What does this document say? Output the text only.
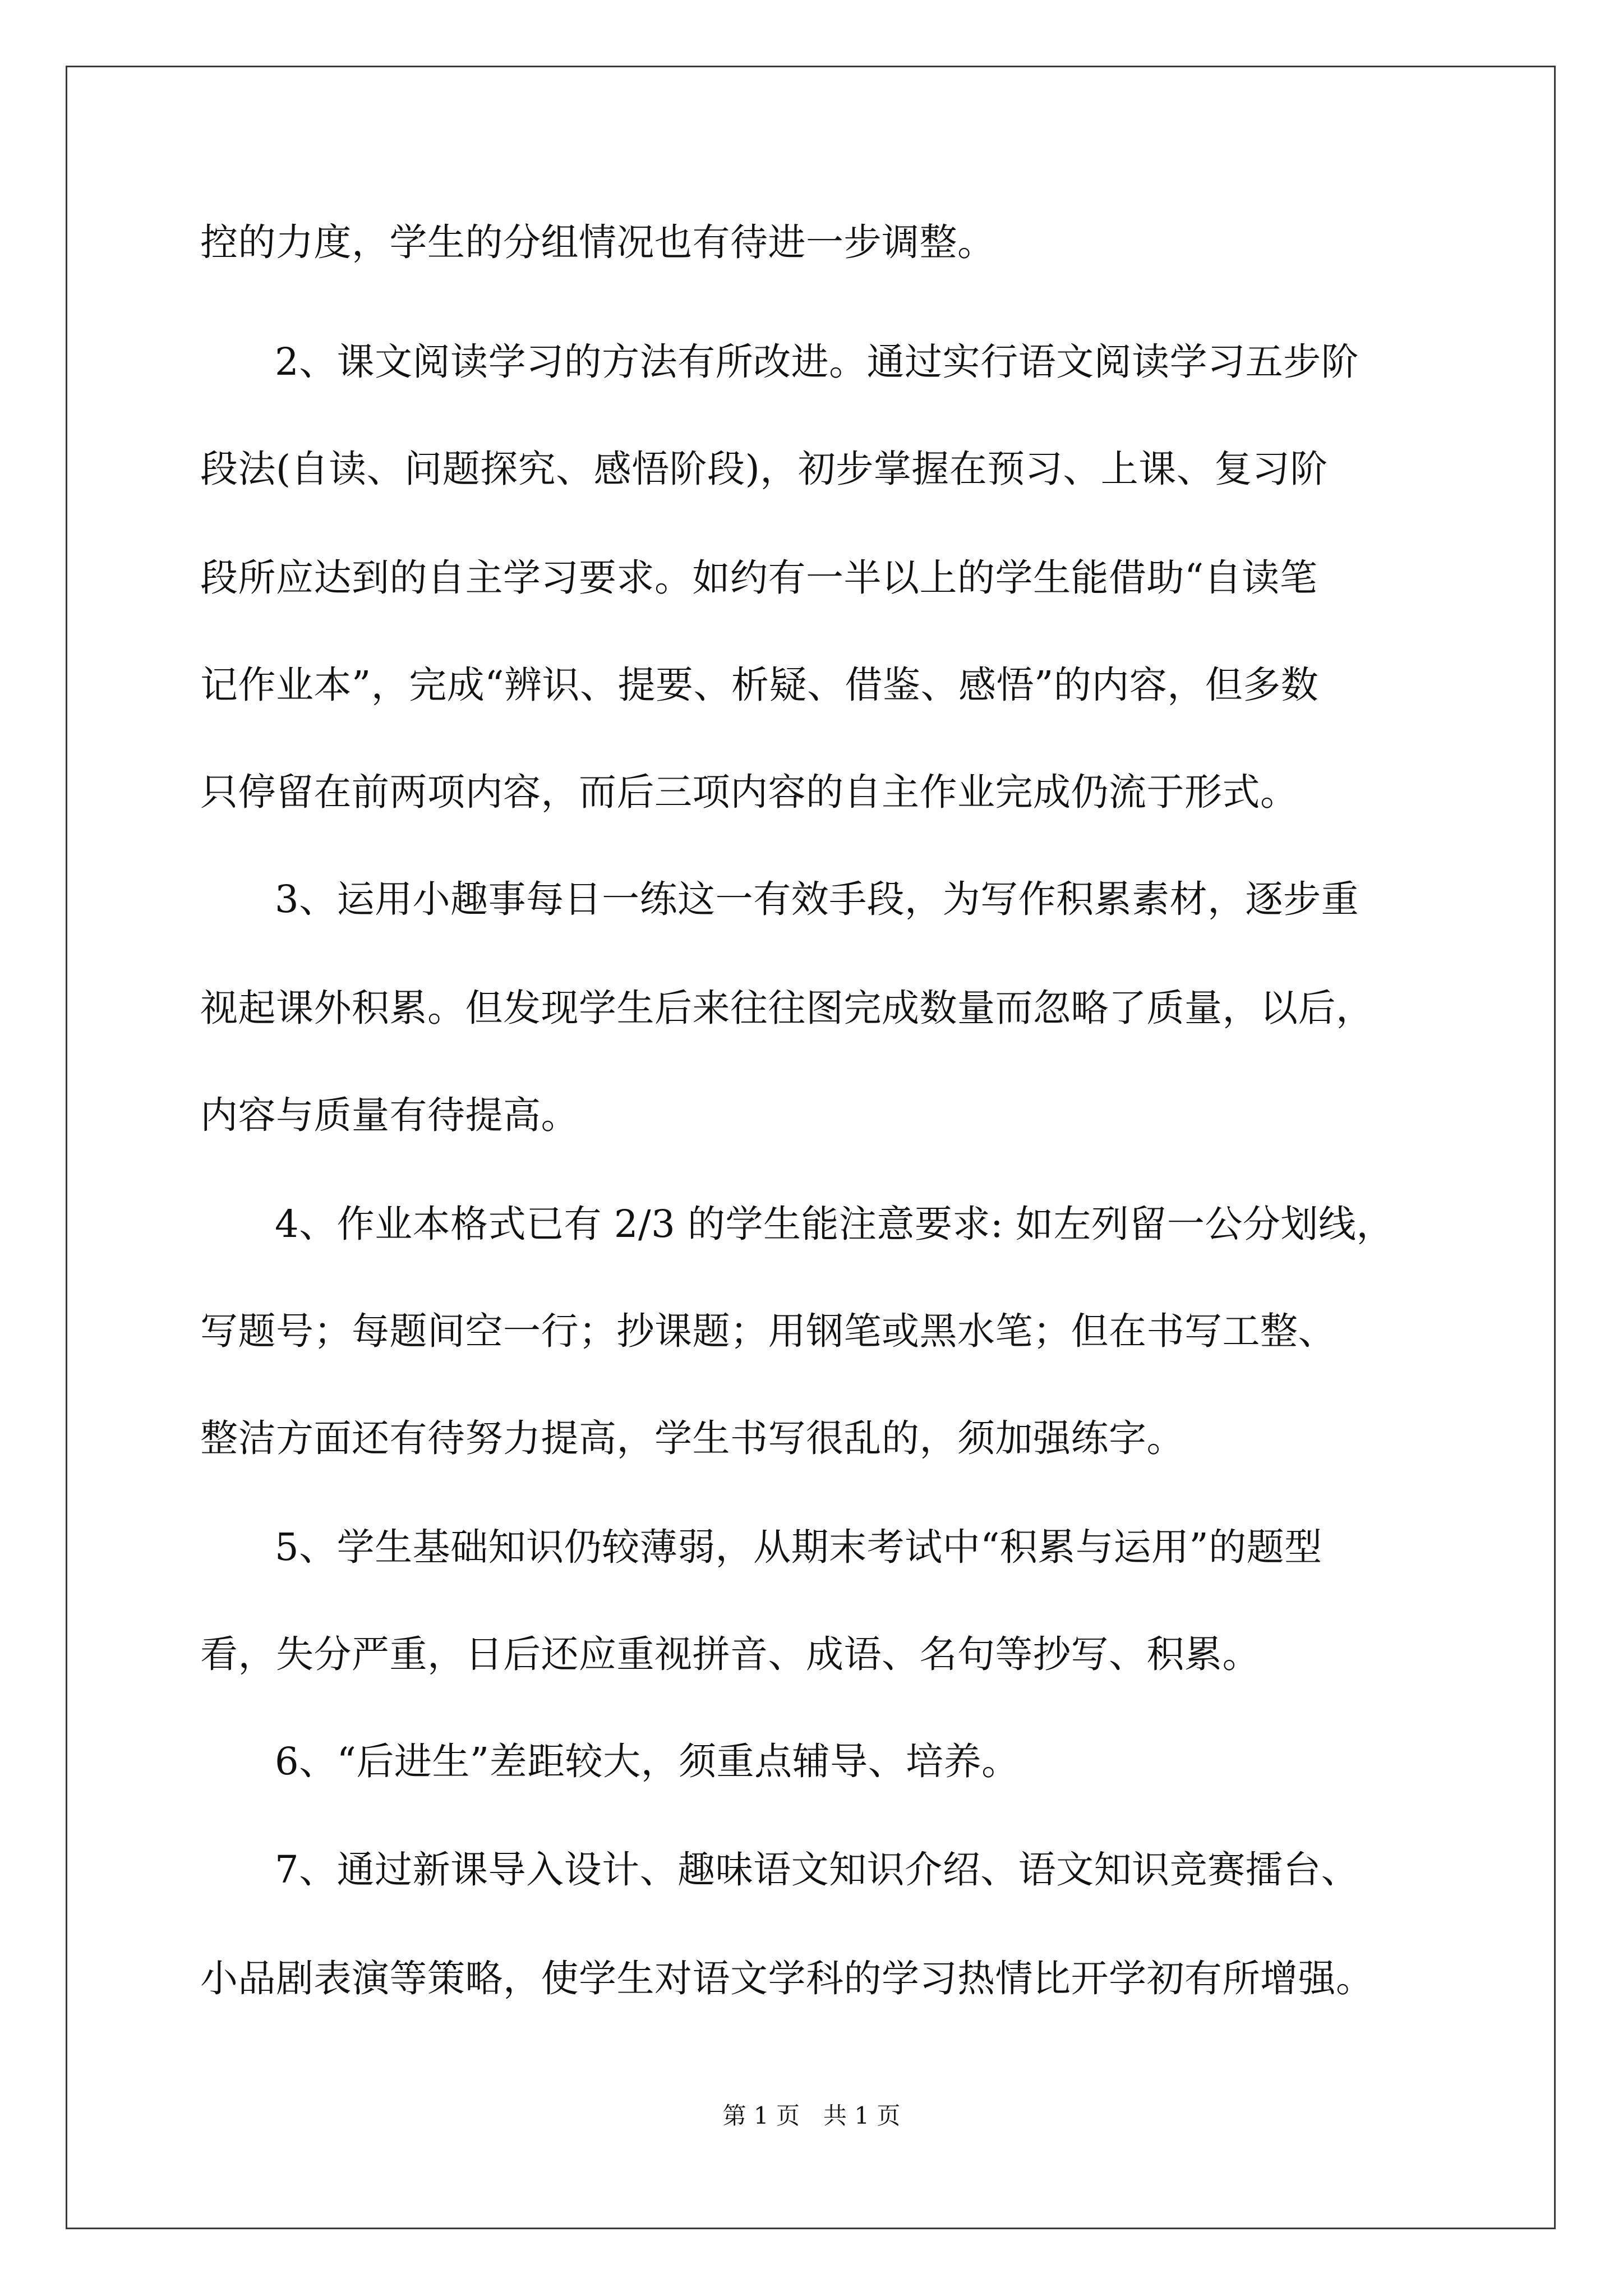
控的力度，学生的分组情况也有待进一步调整。
2、课文阅读学习的方法有所改进。通过实行语文阅读学习五步阶
段法(自读、问题探究、感悟阶段)，初步掌握在预习、上课、复习阶
段所应达到的自主学习要求。如约有一半以上的学生能借助“自读笔
记作业本”，完成“辨识、提要、析疑、借鉴、感悟”的内容，但多数
只停留在前两项内容，而后三项内容的自主作业完成仍流于形式。
3、运用小趣事每日一练这一有效手段，为写作积累素材，逐步重
视起课外积累。但发现学生后来往往图完成数量而忽略了质量，以后，
内容与质量有待提高。
4、作业本格式已有 2/3 的学生能注意要求: 如左列留一公分划线，
写题号；每题间空一行；抄课题；用钢笔或黑水笔；但在书写工整、
整洁方面还有待努力提高，学生书写很乱的，须加强练字。
5、学生基础知识仍较薄弱，从期末考试中“积累与运用”的题型
看，失分严重，日后还应重视拼音、成语、名句等抄写、积累。
6、“后进生”差距较大，须重点辅导、培养。
7、通过新课导入设计、趣味语文知识介绍、语文知识竞赛擂台、
小品剧表演等策略，使学生对语文学科的学习热情比开学初有所增强。
第 1 页　共 1 页
